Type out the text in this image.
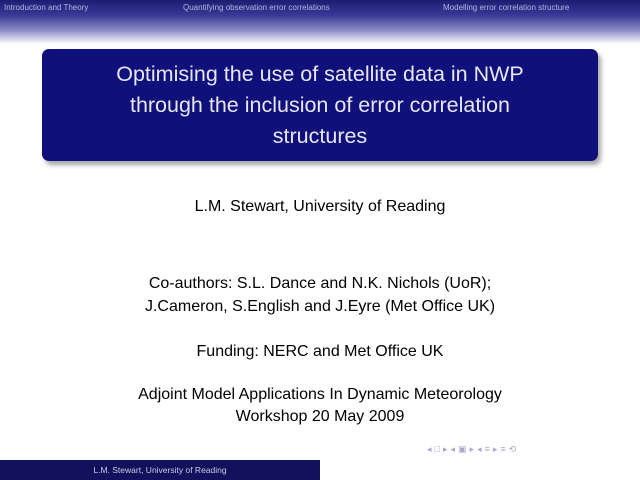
Introduction and Theory	Quantifying observation error correlations	Modelling error correlation structure
Optimising the use of satellite data in NWP
through the inclusion of error correlation
structures
L.M. Stewart, University of Reading
Co-authors: S.L. Dance and N.K. Nichols (UoR);
J.Cameron, S.English and J.Eyre (Met Office UK)
Funding: NERC and Met Office UK
Adjoint Model Applications In Dynamic Meteorology
Workshop 20 May 2009
◂ □ ▸ ◂ ▣ ▸ ◂ ≡ ▸ ≡ ⟲
L.M. Stewart, University of Reading
